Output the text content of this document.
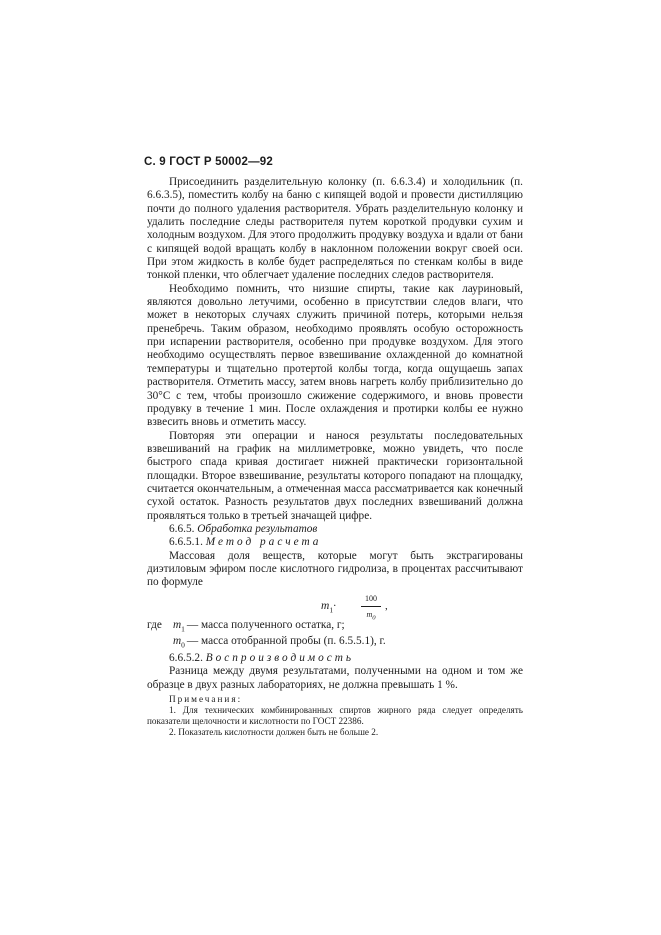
С. 9 ГОСТ Р 50002—92

Присоединить разделительную колонку (п. 6.6.3.4) и холодильник (п. 6.6.3.5), поместить колбу на баню с кипящей водой и провести дистилляцию почти до полного удаления растворителя. Убрать разделительную колонку и удалить последние следы растворителя путем короткой продувки сухим и холодным воздухом. Для этого продолжить продувку воздуха и вдали от бани с кипящей водой вращать колбу в наклонном положении вокруг своей оси. При этом жидкость в колбе будет распределяться по стенкам колбы в виде тонкой пленки, что облегчает удаление последних следов растворителя.

Необходимо помнить, что низшие спирты, такие как лауриновый, являются довольно летучими, особенно в присутствии следов влаги, что может в некоторых случаях служить причиной потерь, которыми нельзя пренебречь. Таким образом, необходимо проявлять особую осторожность при испарении растворителя, особенно при продувке воздухом. Для этого необходимо осуществлять первое взвешивание охлажденной до комнатной температуры и тщательно протертой колбы тогда, когда ощущаешь запах растворителя. Отметить массу, затем вновь нагреть колбу приблизительно до 30°С с тем, чтобы произошло сжижение содержимого, и вновь провести продувку в течение 1 мин. После охлаждения и протирки колбы ее нужно взвесить вновь и отметить массу.

Повторяя эти операции и нанося результаты последовательных взвешиваний на график на миллиметровке, можно увидеть, что после быстрого спада кривая достигает нижней практически горизонтальной площадки. Второе взвешивание, результаты которого попадают на площадку, считается окончательным, а отмеченная масса рассматривается как конечный сухой остаток. Разность результатов двух последних взвешиваний должна проявляться только в третьей значащей цифре.

6.6.5. Обработка результатов
6.6.5.1. Метод расчета

Массовая доля веществ, которые могут быть экстрагированы диэтиловым эфиром после кислотного гидролиза, в процентах рассчитывают по формуле

$m_1\cdot$	$\frac{100}{m_0}$ ,
где $m_1$ — масса полученного остатка, г;
$m_0$ — масса отобранной пробы (п. 6.5.5.1), г.
6.6.5.2. Воспроизводимость

Разница между двумя результатами, полученными на одном и том же образце в двух разных лабораториях, не должна превышать 1 %.

Примечания:

1. Для технических комбинированных спиртов жирного ряда следует определять показатели щелочности и кислотности по ГОСТ 22386.

2. Показатель кислотности должен быть не больше 2.
